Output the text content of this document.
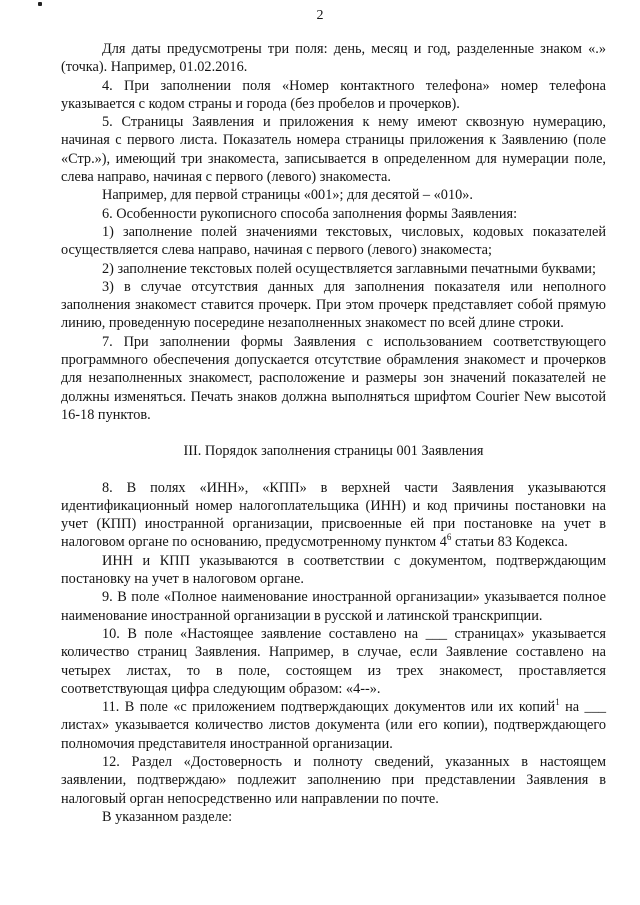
2

Для даты предусмотрены три поля: день, месяц и год, разделенные знаком «.» (точка). Например, 01.02.2016.

4. При заполнении поля «Номер контактного телефона» номер телефона указывается с кодом страны и города (без пробелов и прочерков).

5. Страницы Заявления и приложения к нему имеют сквозную нумерацию, начиная с первого листа. Показатель номера страницы приложения к Заявлению (поле «Стр.»), имеющий три знакоместа, записывается в определенном для нумерации поле, слева направо, начиная с первого (левого) знакоместа.

Например, для первой страницы «001»; для десятой – «010».

6. Особенности рукописного способа заполнения формы Заявления:

1) заполнение полей значениями текстовых, числовых, кодовых показателей осуществляется слева направо, начиная с первого (левого) знакоместа;

2) заполнение текстовых полей осуществляется заглавными печатными буквами;

3) в случае отсутствия данных для заполнения показателя или неполного заполнения знакомест ставится прочерк. При этом прочерк представляет собой прямую линию, проведенную посередине незаполненных знакомест по всей длине строки.

7. При заполнении формы Заявления с использованием соответствующего программного обеспечения допускается отсутствие обрамления знакомест и прочерков для незаполненных знакомест, расположение и размеры зон значений показателей не должны изменяться. Печать знаков должна выполняться шрифтом Courier New высотой 16-18 пунктов.

III. Порядок заполнения страницы 001 Заявления

8. В полях «ИНН», «КПП» в верхней части Заявления указываются идентификационный номер налогоплательщика (ИНН) и код причины постановки на учет (КПП) иностранной организации, присвоенные ей при постановке на учет в налоговом органе по основанию, предусмотренному пунктом $4^6$ статьи 83 Кодекса.

ИНН и КПП указываются в соответствии с документом, подтверждающим постановку на учет в налоговом органе.

9. В поле «Полное наименование иностранной организации» указывается полное наименование иностранной организации в русской и латинской транскрипции.

10. В поле «Настоящее заявление составлено на ___ страницах» указывается количество страниц Заявления. Например, в случае, если Заявление составлено на четырех листах, то в поле, состоящем из трех знакомест, проставляется соответствующая цифра следующим образом: «4--».

11. В поле «с приложением подтверждающих документов или их копий$^1$ на ___ листах» указывается количество листов документа (или его копии), подтверждающего полномочия представителя иностранной организации.

12. Раздел «Достоверность и полноту сведений, указанных в настоящем заявлении, подтверждаю» подлежит заполнению при представлении Заявления в налоговый орган непосредственно или направлении по почте.

В указанном разделе:
